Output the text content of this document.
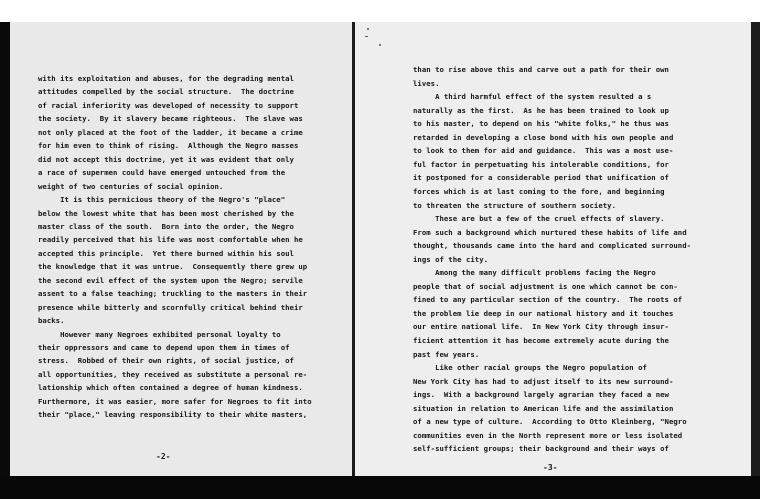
with its exploitation and abuses, for the degrading mental
attitudes compelled by the social structure.  The doctrine
of racial inferiority was developed of necessity to support
the society.  By it slavery became righteous.  The slave was
not only placed at the foot of the ladder, it became a crime
for him even to think of rising.  Although the Negro masses
did not accept this doctrine, yet it was evident that only
a race of supermen could have emerged untouched from the
weight of two centuries of social opinion.
It is this pernicious theory of the Negro's "place"
below the lowest white that has been most cherished by the
master class of the south.  Born into the order, the Negro
readily perceived that his life was most comfortable when he
accepted this principle.  Yet there burned within his soul
the knowledge that it was untrue.  Consequently there grew up
the second evil effect of the system upon the Negro; servile
assent to a false teaching; truckling to the masters in their
presence while bitterly and scornfully critical behind their
backs.
However many Negroes exhibited personal loyalty to
their oppressors and came to depend upon them in times of
stress.  Robbed of their own rights, of social justice, of
all opportunities, they received as substitute a personal re-
lationship which often contained a degree of human kindness.
Furthermore, it was easier, more safer for Negroes to fit into
their "place," leaving responsibility to their white masters,
-2-
than to rise above this and carve out a path for their own
lives.
A third harmful effect of the system resulted a s
naturally as the first.  As he has been trained to look up
to his master, to depend on his "white folks," he thus was
retarded in developing a close bond with his own people and
to look to them for aid and guidance.  This was a most use-
ful factor in perpetuating his intolerable conditions, for
it postponed for a considerable period that unification of
forces which is at last coming to the fore, and beginning
to threaten the structure of southern society.
These are but a few of the cruel effects of slavery.
From such a background which nurtured these habits of life and
thought, thousands came into the hard and complicated surround-
ings of the city.
Among the many difficult problems facing the Negro
people that of social adjustment is one which cannot be con-
fined to any particular section of the country.  The roots of
the problem lie deep in our national history and it touches
our entire national life.  In New York City through insur-
ficient attention it has become extremely acute during the
past few years.
Like other racial groups the Negro population of
New York City has had to adjust itself to its new surround-
ings.  With a background largely agrarian they faced a new
situation in relation to American life and the assimilation
of a new type of culture.  According to Otto Kleinberg, "Negro
communities even in the North represent more or less isolated
self-sufficient groups; their background and their ways of
-3-
